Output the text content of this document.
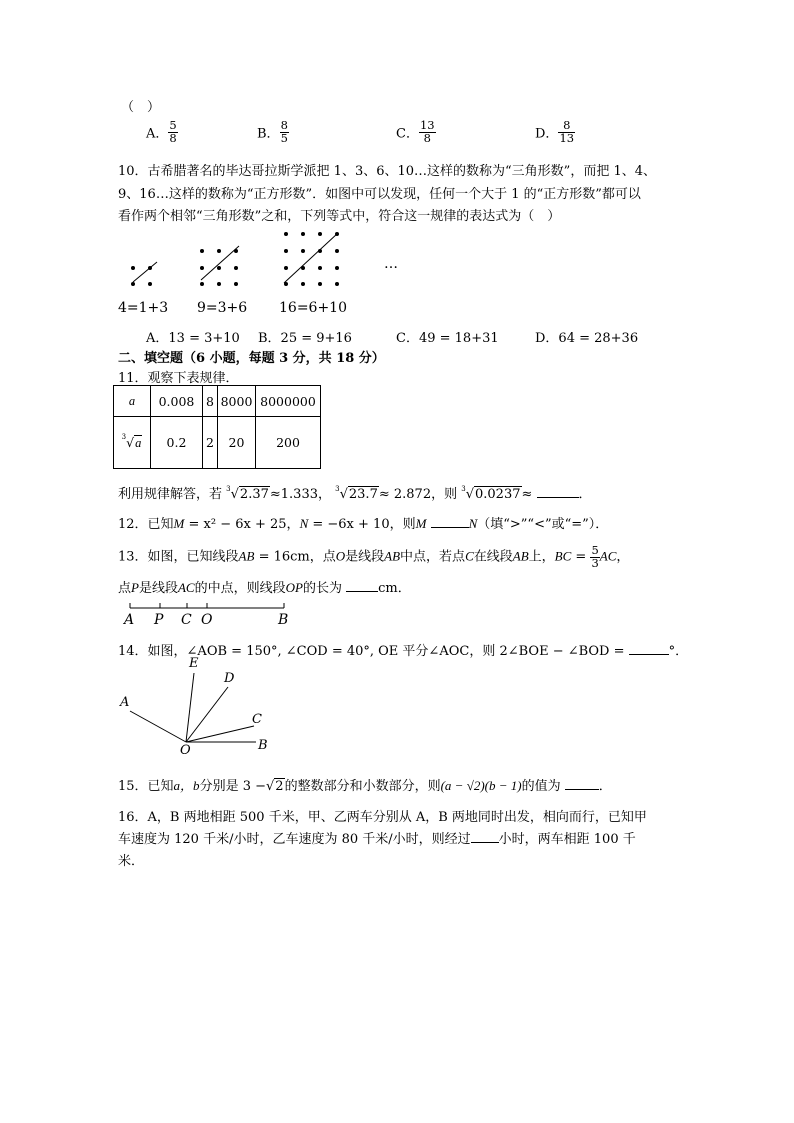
（　）
A． $\frac{5}{8}$	B． $\frac{8}{5}$	C． $\frac{13}{8}$	D． $\frac{8}{13}$
10．古希腊著名的毕达哥拉斯学派把 1、3、6、10…这样的数称为“三角形数”，而把 1、4、
9、16…这样的数称为“正方形数”．如图中可以发现，任何一个大于 1 的“正方形数”都可以
看作两个相邻“三角形数”之和，下列等式中，符合这一规律的表达式为（　）
…
4=1+3 9=3+6 16=6+10
A．13 = 3+10 B．25 = 9+16	C．49 = 18+31	D．64 = 28+36
二、填空题（6 小题，每题 3 分，共 18 分）
11．观察下表规律．
a	0.008	8	8000	8000000
$^3$√a	0.2	2	20	200
利用规律解答，若 $^3$√2.37≈1.333， $^3$√23.7≈ 2.872，则 $^3$√0.0237≈	．
12．已知M = x² − 6x + 25，N = −6x + 10，则M	N（填“>”“<”或“=”）．
13．如图，已知线段AB = 16cm，点O是线段AB中点，若点C在线段AB上，BC = $\frac{5}{3}$ AC，
点P是线段AC的中点，则线段OP的长为	cm．
A P C O	B
14．如图，∠AOB = 150°, ∠COD = 40°, OE 平分∠AOC，则 2∠BOE − ∠BOD =	°．
E
D
A
C
O	B
15．已知a，b分别是 3 −√2的整数部分和小数部分，则(a − √2)(b − 1)的值为	．
16．A，B 两地相距 500 千米，甲、乙两车分别从 A，B 两地同时出发，相向而行，已知甲
车速度为 120 千米/小时，乙车速度为 80 千米/小时，则经过 小时，两车相距 100 千
米．
